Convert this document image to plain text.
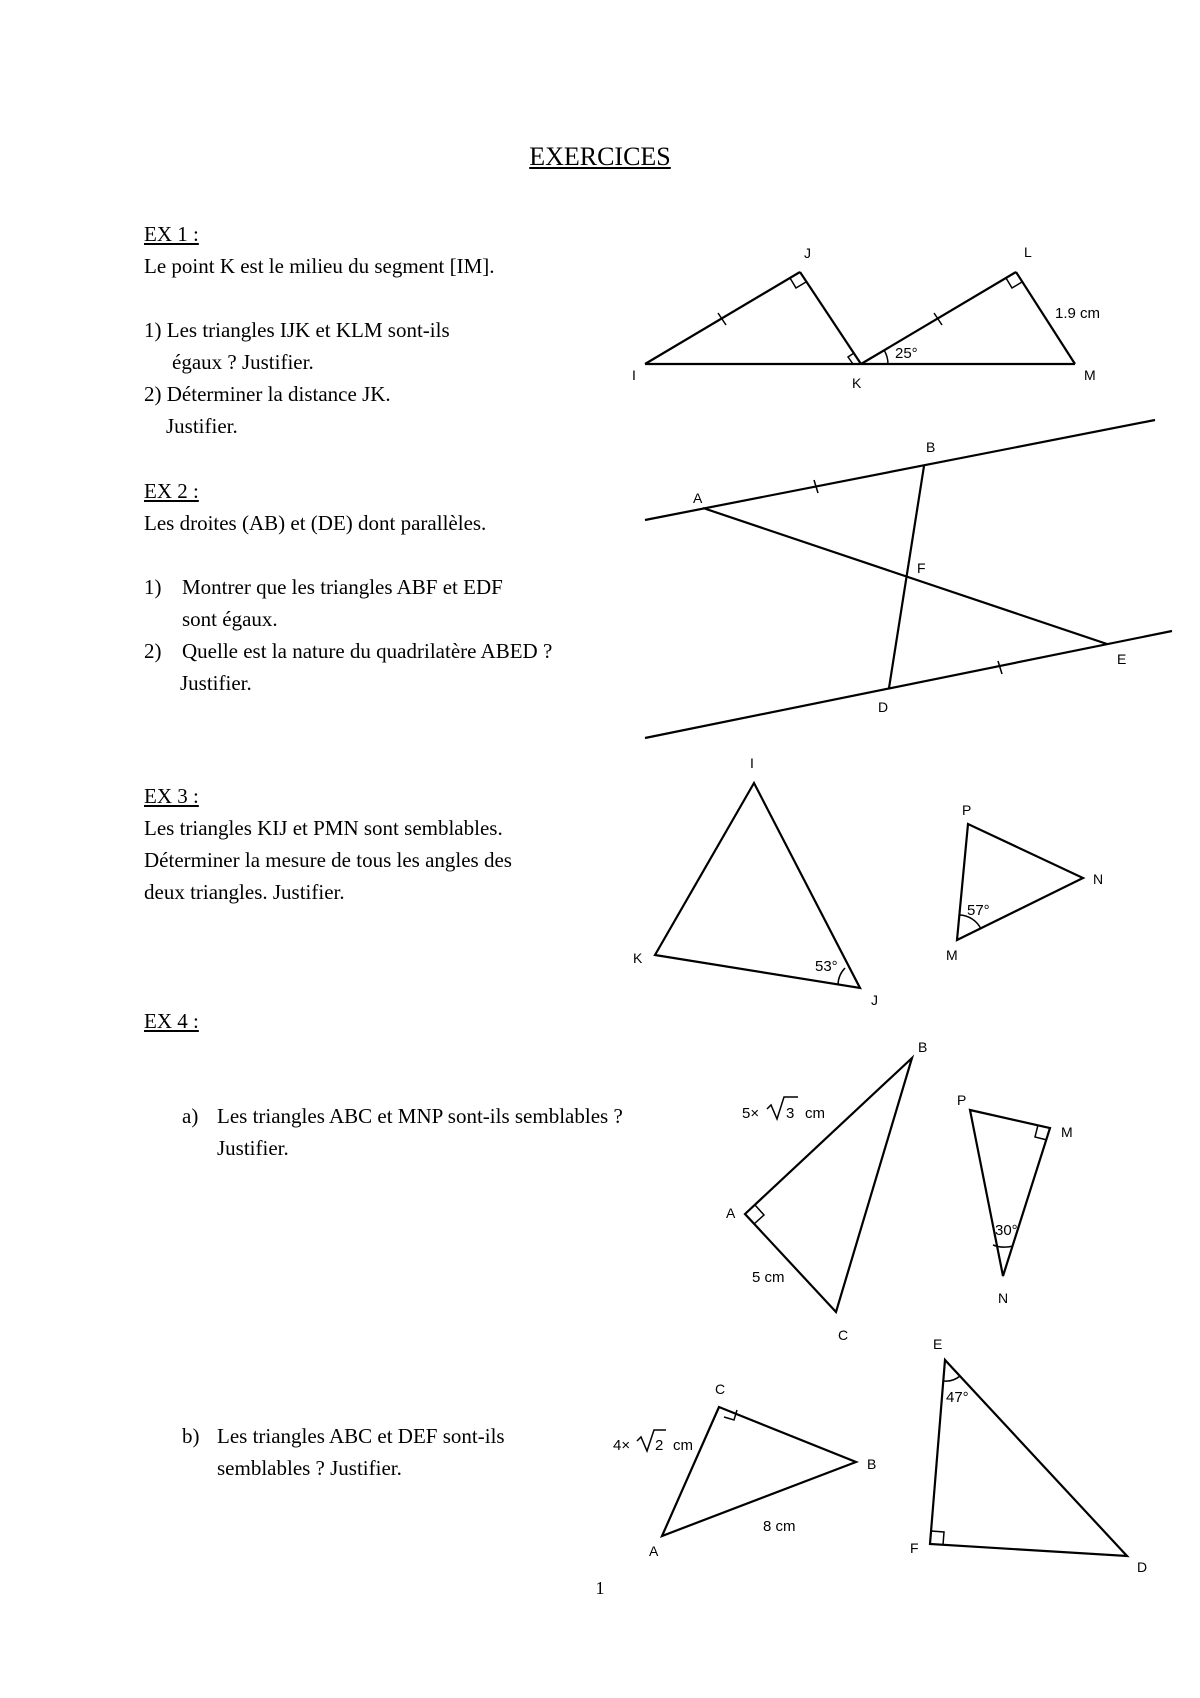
EXERCICES
EX 1 :
Le point K est le milieu du segment [IM].
1) Les triangles IJK et KLM sont-ils
égaux ? Justifier.
2) Déterminer la distance JK.
Justifier.
EX 2 :
Les droites (AB) et (DE) dont parallèles.
1) Montrer que les triangles ABF et EDF
sont égaux.
2) Quelle est la nature du quadrilatère ABED ?
Justifier.
EX 3 :
Les triangles KIJ et PMN sont semblables.
Déterminer la mesure de tous les angles des
deux triangles. Justifier.
EX 4 :
a) Les triangles ABC et MNP sont-ils semblables ?
Justifier.
b) Les triangles ABC et DEF sont-ils
semblables ? Justifier.
25°
1.9 cm
I
J
K
L
M
A
B
F
D
E
53°
I
K
J
57°
P
M
N
5× 3 cm
5 cm
A
B
C
30°
P
M
N
4× 2 cm
8 cm
A
B
C	47°
E
F
D
1
